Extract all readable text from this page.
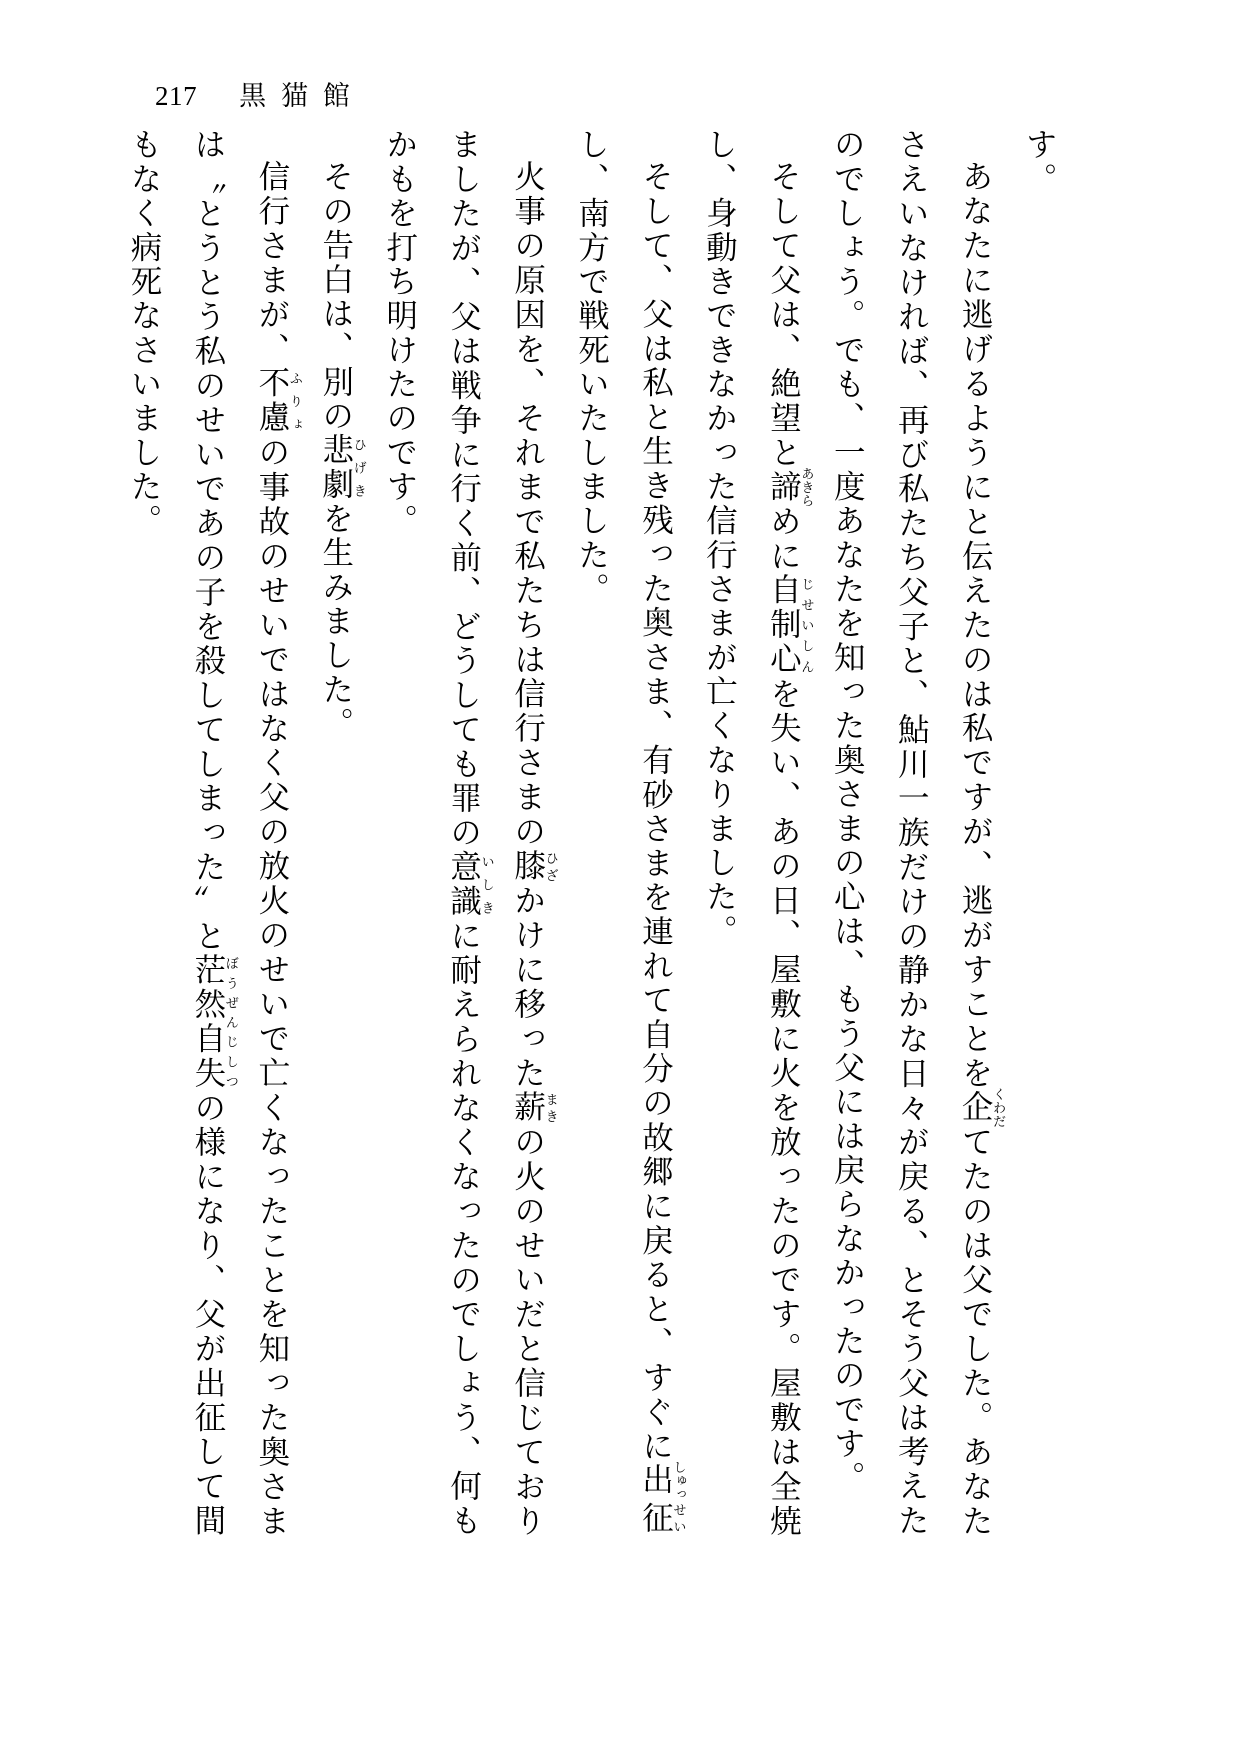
217 黒猫館

す。

あなたに逃げるようにと伝えたのは私ですが、逃がすことを企くわだてたのは父でした。あなたさえいなければ、再び私たち父子と、鮎川一族だけの静かな日々が戻る、とそう父は考えたのでしょう。でも、一度あなたを知った奥さまの心は、もう父には戻らなかったのです。

そして父は、絶望と諦あきらめに自制心じせいしんを失い、あの日、屋敷に火を放ったのです。屋敷は全焼し、身動きできなかった信行さまが亡くなりました。

そして、父は私と生き残った奥さま、有砂さまを連れて自分の故郷に戻ると、すぐに出しゅっ征せいし、南方で戦死いたしました。

火事の原因を、それまで私たちは信行さまの膝ひざかけに移った薪まきの火のせいだと信じておりましたが、父は戦争に行く前、どうしても罪の意識いしきに耐えられなくなったのでしょう、何もかもを打ち明けたのです。

その告白は、別の悲劇ひげきを生みました。

信行さまが、不慮ふりょの事故のせいではなく父の放火のせいで亡くなったことを知った奥さまは〝とうとう私のせいであの子を殺してしまった〟と茫然自失ぼうぜんじしつの様になり、父が出征して間もなく病死なさいました。
